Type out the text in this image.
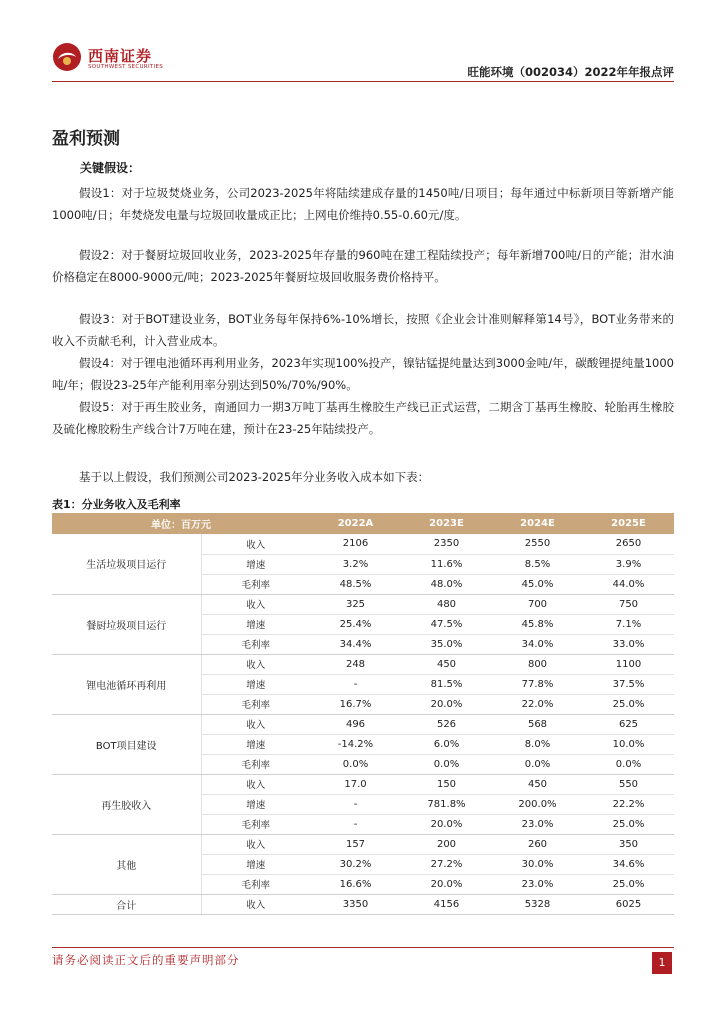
西南证券
SOUTHWEST SECURITIES	旺能环境（002034）2022年年报点评
盈利预测
关键假设：

假设1：对于垃圾焚烧业务，公司2023-2025年将陆续建成存量的1450吨/日项目；每年通过中标新项目等新增产能1000吨/日；年焚烧发电量与垃圾回收量成正比；上网电价维持0.55-0.60元/度。

假设2：对于餐厨垃圾回收业务，2023-2025年存量的960吨在建工程陆续投产；每年新增700吨/日的产能；泔水油价格稳定在8000-9000元/吨；2023-2025年餐厨垃圾回收服务费价格持平。

假设3：对于BOT建设业务，BOT业务每年保持6%-10%增长，按照《企业会计准则解释第14号》，BOT业务带来的收入不贡献毛利，计入营业成本。

假设4：对于锂电池循环再利用业务，2023年实现100%投产，镍钴锰提纯量达到3000金吨/年，碳酸锂提纯量1000吨/年；假设23-25年产能利用率分别达到50%/70%/90%。

假设5：对于再生胶业务，南通回力一期3万吨丁基再生橡胶生产线已正式运营，二期含丁基再生橡胶、轮胎再生橡胶及硫化橡胶粉生产线合计7万吨在建，预计在23-25年陆续投产。

基于以上假设，我们预测公司2023-2025年分业务收入成本如下表：

表1：分业务收入及毛利率
单位：百万元		2022A	2023E	2024E	2025E
生活垃圾项目运行	收入	2106	2350	2550	2650
	增速	3.2%	11.6%	8.5%	3.9%
	毛利率	48.5%	48.0%	45.0%	44.0%
餐厨垃圾项目运行	收入	325	480	700	750
	增速	25.4%	47.5%	45.8%	7.1%
	毛利率	34.4%	35.0%	34.0%	33.0%
锂电池循环再利用	收入	248	450	800	1100
	增速	-	81.5%	77.8%	37.5%
	毛利率	16.7%	20.0%	22.0%	25.0%
BOT项目建设	收入	496	526	568	625
	增速	-14.2%	6.0%	8.0%	10.0%
	毛利率	0.0%	0.0%	0.0%	0.0%
再生胶收入	收入	17.0	150	450	550
	增速	-	781.8%	200.0%	22.2%
	毛利率	-	20.0%	23.0%	25.0%
其他	收入	157	200	260	350
	增速	30.2%	27.2%	30.0%	34.6%
	毛利率	16.6%	20.0%	23.0%	25.0%
合计	收入	3350	4156	5328	6025
请务必阅读正文后的重要声明部分	1
